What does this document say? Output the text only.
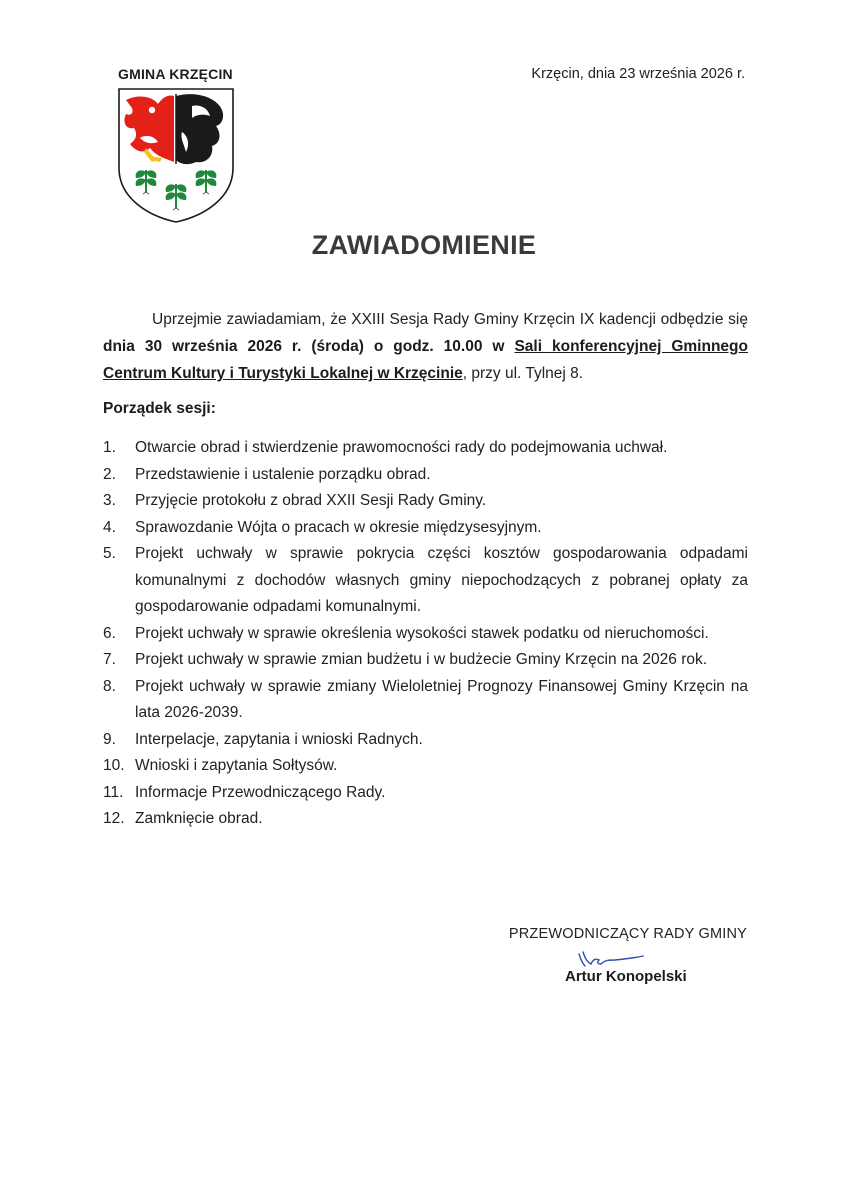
GMINA KRZĘCIN	Krzęcin, dnia 23 września 2026 r.
ZAWIADOMIENIE
Uprzejmie zawiadamiam, że XXIII Sesja Rady Gminy Krzęcin IX kadencji odbędzie się dnia 30 września 2026 r. (środa) o godz. 10.00 w Sali konferencyjnej Gminnego Centrum Kultury i Turystyki Lokalnej w Krzęcinie, przy ul. Tylnej 8.
Porządek sesji:
1.	Otwarcie obrad i stwierdzenie prawomocności rady do podejmowania uchwał.
2.	Przedstawienie i ustalenie porządku obrad.
3.	Przyjęcie protokołu z obrad XXII Sesji Rady Gminy.
4.	Sprawozdanie Wójta o pracach w okresie międzysesyjnym.
5.	Projekt uchwały w sprawie pokrycia części kosztów gospodarowania odpadami komunalnymi z dochodów własnych gminy niepochodzących z pobranej opłaty za gospodarowanie odpadami komunalnymi.
6.	Projekt uchwały w sprawie określenia wysokości stawek podatku od nieruchomości.
7.	Projekt uchwały w sprawie zmian budżetu i w budżecie Gminy Krzęcin na 2026 rok.
8.	Projekt uchwały w sprawie zmiany Wieloletniej Prognozy Finansowej Gminy Krzęcin na lata 2026-2039.
9.	Interpelacje, zapytania i wnioski Radnych.
10. Wnioski i zapytania Sołtysów.
11. Informacje Przewodniczącego Rady.
12. Zamknięcie obrad.
PRZEWODNICZĄCY RADY GMINY
Artur Konopelski
